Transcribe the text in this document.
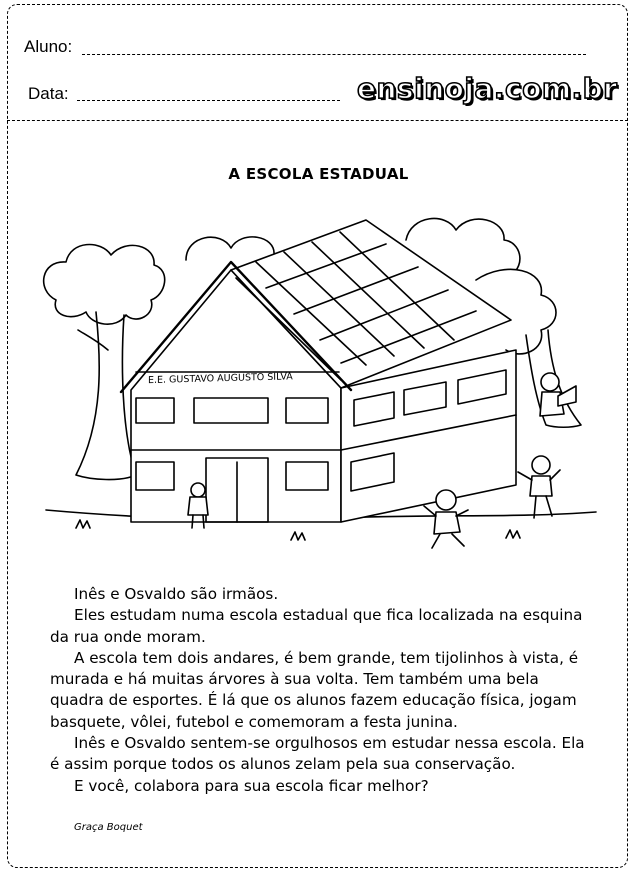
Aluno:
Data:	ensinoja.com.br
A ESCOLA ESTADUAL
E.E. GUSTAVO AUGUSTO SILVA

Inês e Osvaldo são irmãos.

Eles estudam numa escola estadual que fica localizada na esquina da rua onde moram.

A escola tem dois andares, é bem grande, tem tijolinhos à vista, é murada e há muitas árvores à sua volta. Tem também uma bela quadra de esportes. É lá que os alunos fazem educação física, jogam basquete, vôlei, futebol e comemoram a festa junina.

Inês e Osvaldo sentem-se orgulhosos em estudar nessa escola. Ela é assim porque todos os alunos zelam pela sua conservação.

E você, colabora para sua escola ficar melhor?

Graça Boquet
